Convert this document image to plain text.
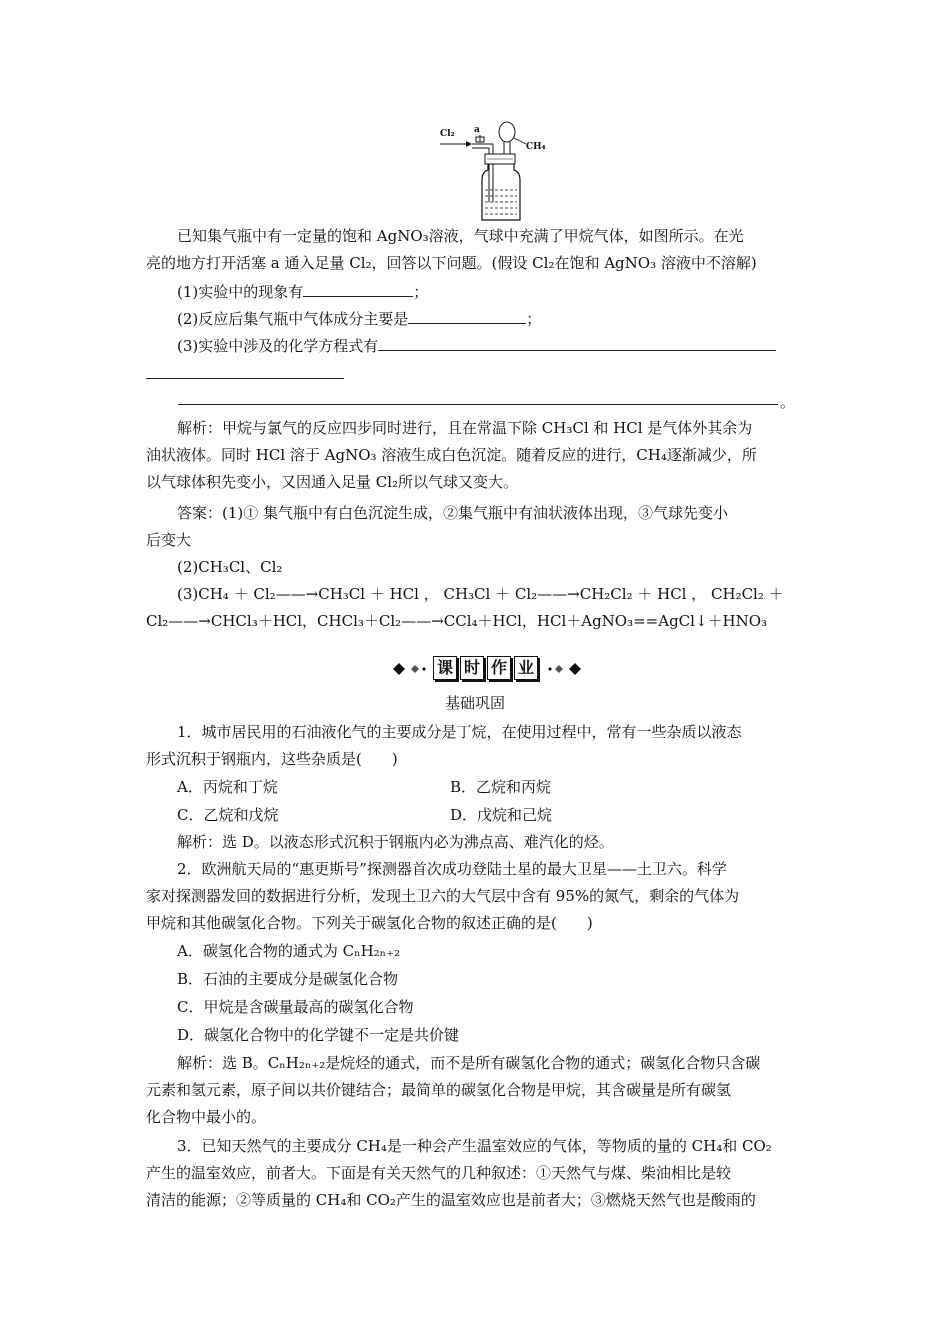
Cl₂ a
CH₄
已知集气瓶中有一定量的饱和 AgNO₃溶液，气球中充满了甲烷气体，如图所示。在光
亮的地方打开活塞 a 通入足量 Cl₂，回答以下问题。(假设 Cl₂在饱和 AgNO₃ 溶液中不溶解)
(1)实验中的现象有	；
(2)反应后集气瓶中气体成分主要是	；
(3)实验中涉及的化学方程式有
。
解析：甲烷与氯气的反应四步同时进行，且在常温下除 CH₃Cl 和 HCl 是气体外其余为
油状液体。同时 HCl 溶于 AgNO₃ 溶液生成白色沉淀。随着反应的进行，CH₄逐渐减少，所
以气球体积先变小，又因通入足量 Cl₂所以气球又变大。
答案：(1)① 集气瓶中有白色沉淀生成，②集气瓶中有油状液体出现，③气球先变小
后变大
(2)CH₃Cl、Cl₂
(3)CH₄ ＋ Cl₂——→CH₃Cl ＋ HCl ， CH₃Cl ＋ Cl₂——→CH₂Cl₂ ＋ HCl ， CH₂Cl₂ ＋
Cl₂——→CHCl₃＋HCl，CHCl₃＋Cl₂——→CCl₄＋HCl，HCl＋AgNO₃==AgCl↓＋HNO₃
课 时 作 业
基础巩固
1．城市居民用的石油液化气的主要成分是丁烷，在使用过程中，常有一些杂质以液态
形式沉积于钢瓶内，这些杂质是(　　)
A．丙烷和丁烷	B．乙烷和丙烷
C．乙烷和戊烷	D．戊烷和己烷
解析：选 D。以液态形式沉积于钢瓶内必为沸点高、难汽化的烃。
2．欧洲航天局的“惠更斯号”探测器首次成功登陆土星的最大卫星——土卫六。科学
家对探测器发回的数据进行分析，发现土卫六的大气层中含有 95%的氮气，剩余的气体为
甲烷和其他碳氢化合物。下列关于碳氢化合物的叙述正确的是(　　)
A．碳氢化合物的通式为 CₙH₂ₙ₊₂
B．石油的主要成分是碳氢化合物
C．甲烷是含碳量最高的碳氢化合物
D．碳氢化合物中的化学键不一定是共价键
解析：选 B。CₙH₂ₙ₊₂是烷烃的通式，而不是所有碳氢化合物的通式；碳氢化合物只含碳
元素和氢元素，原子间以共价键结合；最简单的碳氢化合物是甲烷，其含碳量是所有碳氢
化合物中最小的。
3．已知天然气的主要成分 CH₄是一种会产生温室效应的气体，等物质的量的 CH₄和 CO₂
产生的温室效应，前者大。下面是有关天然气的几种叙述：①天然气与煤、柴油相比是较
清洁的能源；②等质量的 CH₄和 CO₂产生的温室效应也是前者大；③燃烧天然气也是酸雨的
